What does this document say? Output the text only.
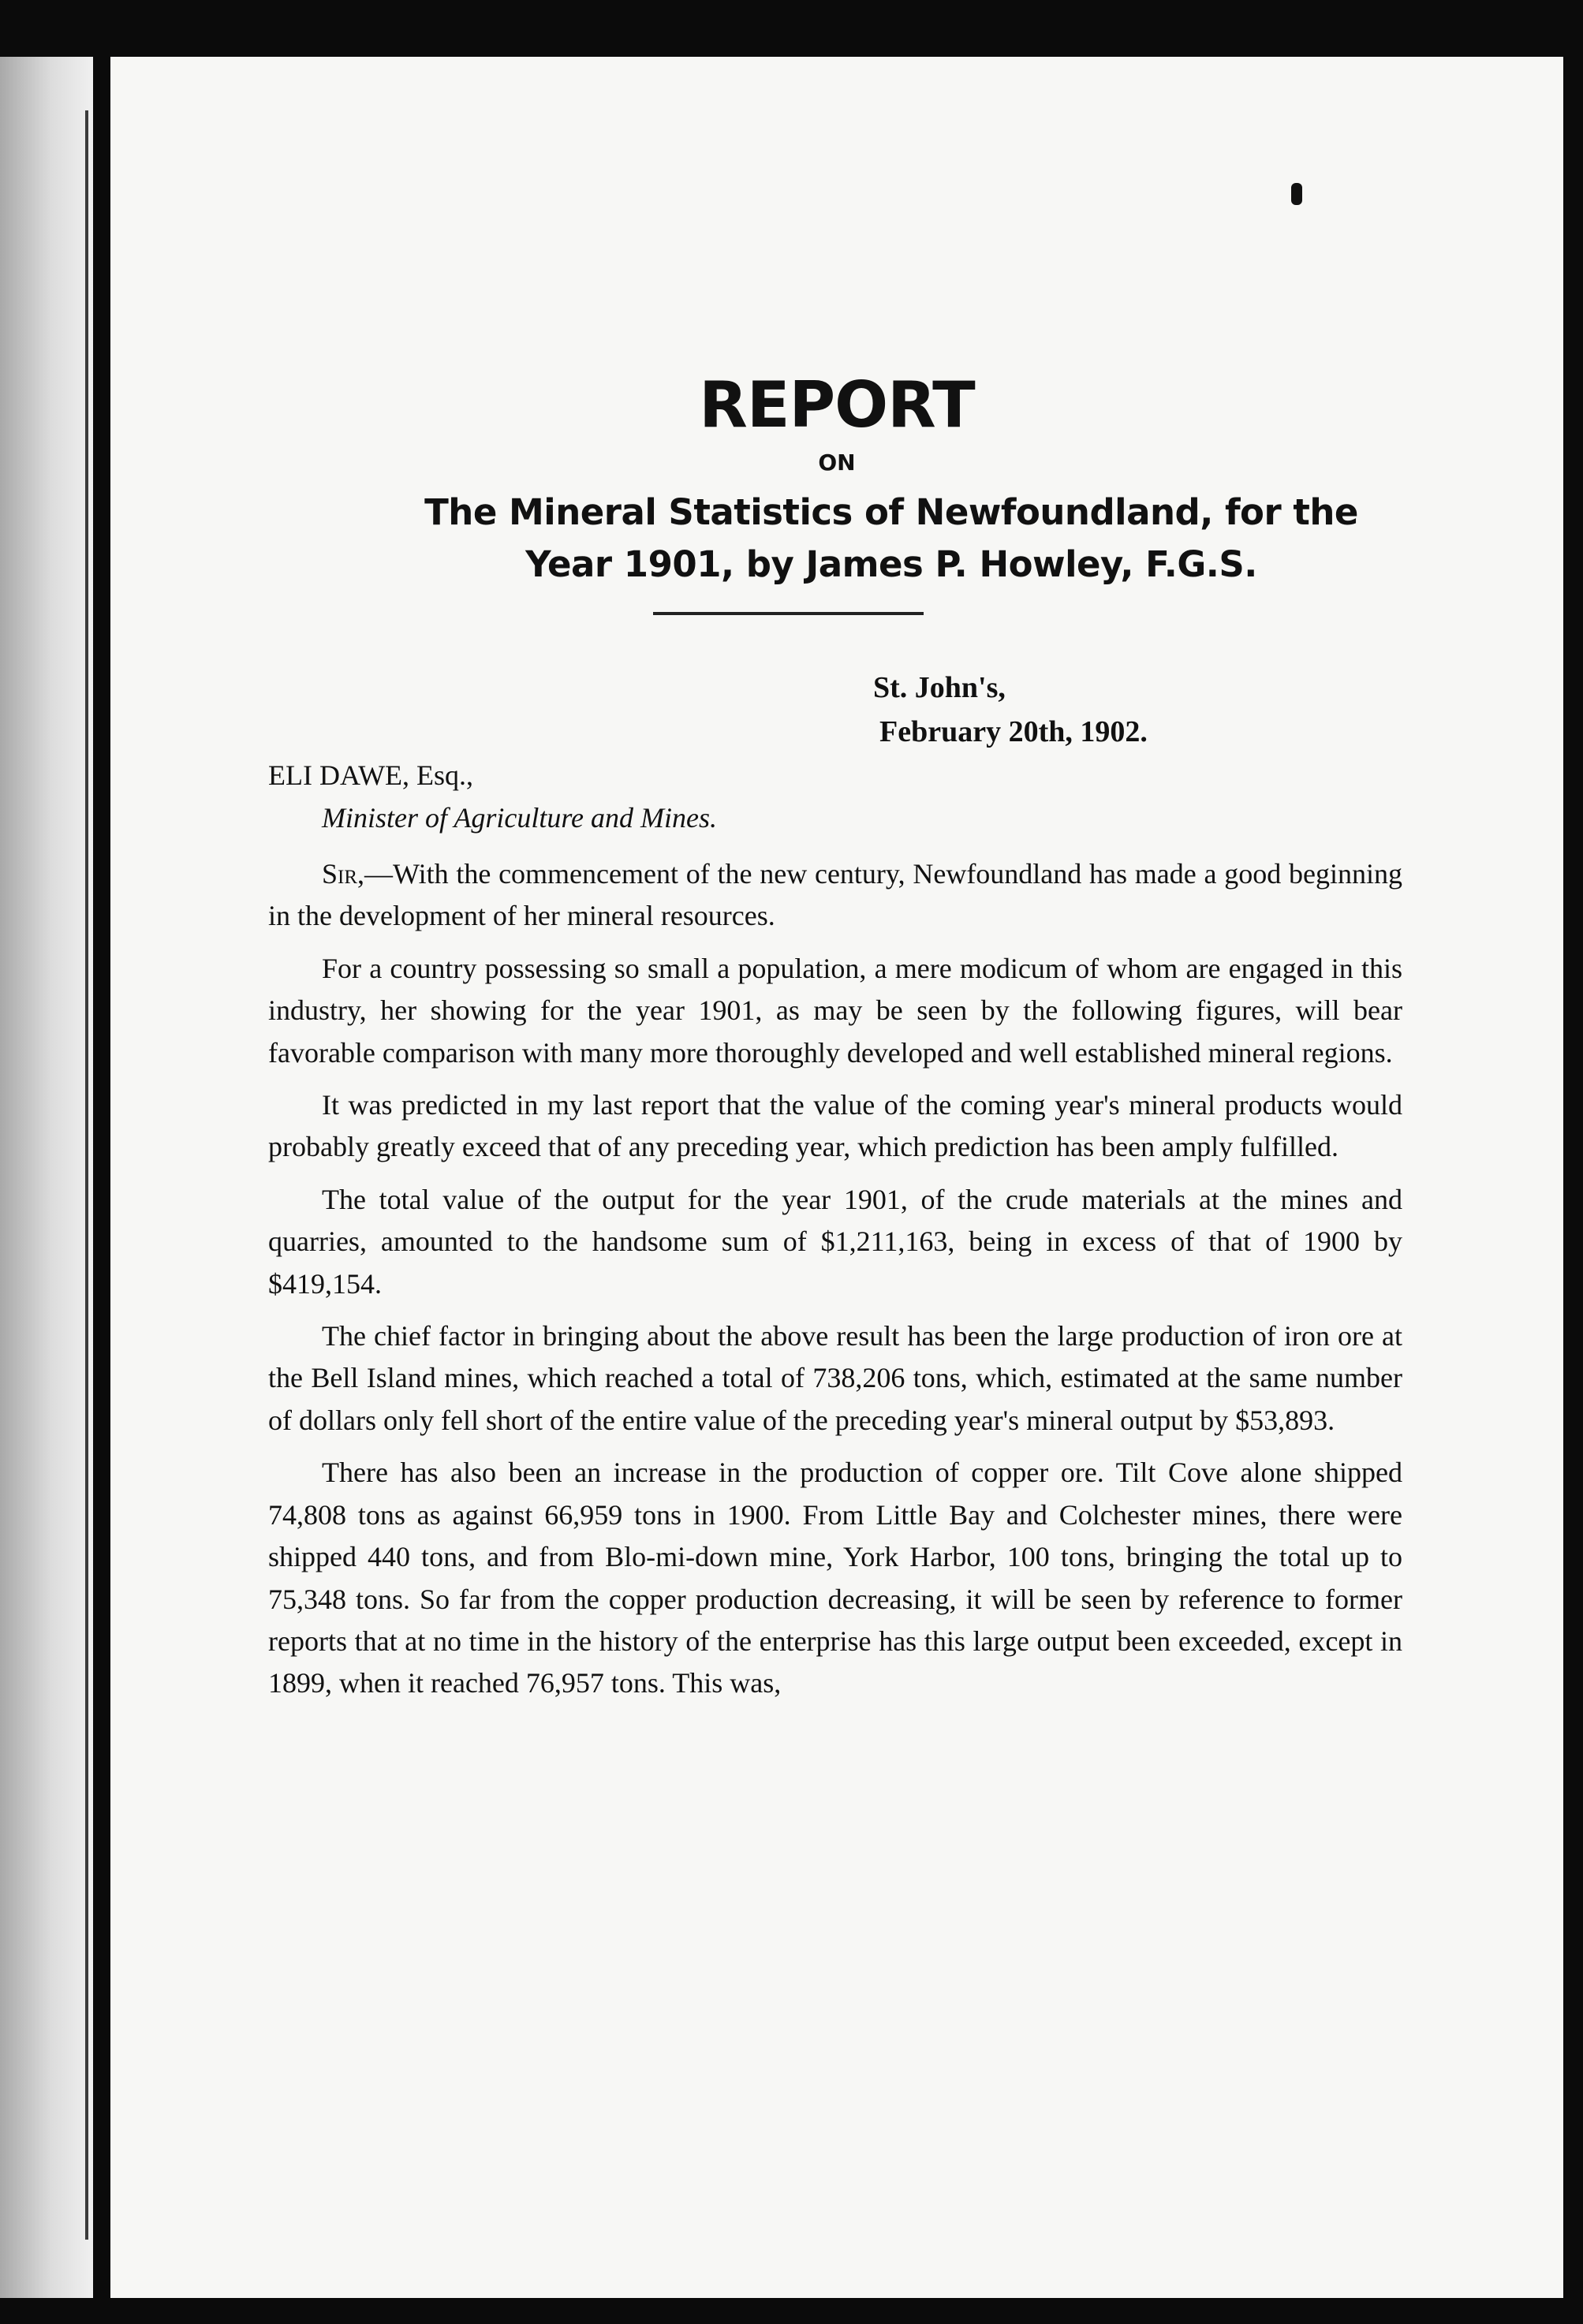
REPORT
ON
The Mineral Statistics of Newfoundland, for the Year 1901, by James P. Howley, F.G.S.
St. John's,
February 20th, 1902.
ELI DAWE, Esq.,
Minister of Agriculture and Mines.

Sir,—With the commencement of the new century, Newfoundland has made a good beginning in the development of her mineral resources.

For a country possessing so small a population, a mere modicum of whom are engaged in this industry, her showing for the year 1901, as may be seen by the following figures, will bear favorable comparison with many more thoroughly developed and well established mineral regions.

It was predicted in my last report that the value of the coming year's mineral products would probably greatly exceed that of any preceding year, which prediction has been amply fulfilled.

The total value of the output for the year 1901, of the crude materials at the mines and quarries, amounted to the handsome sum of $1,211,163, being in excess of that of 1900 by $419,154.

The chief factor in bringing about the above result has been the large production of iron ore at the Bell Island mines, which reached a total of 738,206 tons, which, estimated at the same number of dollars only fell short of the entire value of the preceding year's mineral output by $53,893.

There has also been an increase in the production of copper ore. Tilt Cove alone shipped 74,808 tons as against 66,959 tons in 1900. From Little Bay and Colchester mines, there were shipped 440 tons, and from Blo-mi-down mine, York Harbor, 100 tons, bringing the total up to 75,348 tons. So far from the copper production decreasing, it will be seen by reference to former reports that at no time in the history of the enterprise has this large output been exceeded, except in 1899, when it reached 76,957 tons. This was,
